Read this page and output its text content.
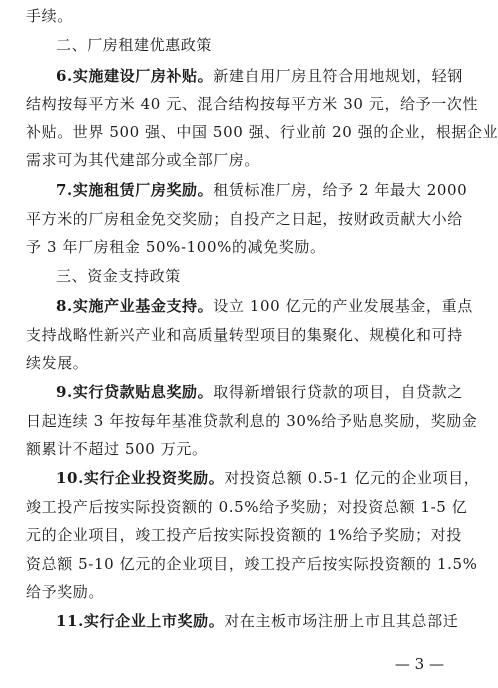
手续。
二、厂房租建优惠政策
6.实施建设厂房补贴。新建自用厂房且符合用地规划，轻钢
结构按每平方米 40 元、混合结构按每平方米 30 元，给予一次性
补贴。世界 500 强、中国 500 强、行业前 20 强的企业，根据企业
需求可为其代建部分或全部厂房。
7.实施租赁厂房奖励。租赁标准厂房，给予 2 年最大 2000
平方米的厂房租金免交奖励；自投产之日起，按财政贡献大小给
予 3 年厂房租金 50%-100%的减免奖励。
三、资金支持政策
8.实施产业基金支持。设立 100 亿元的产业发展基金，重点
支持战略性新兴产业和高质量转型项目的集聚化、规模化和可持
续发展。
9.实行贷款贴息奖励。取得新增银行贷款的项目，自贷款之
日起连续 3 年按每年基准贷款利息的 30%给予贴息奖励，奖励金
额累计不超过 500 万元。
10.实行企业投资奖励。对投资总额 0.5-1 亿元的企业项目，
竣工投产后按实际投资额的 0.5%给予奖励；对投资总额 1-5 亿
元的企业项目，竣工投产后按实际投资额的 1%给予奖励；对投
资总额 5-10 亿元的企业项目，竣工投产后按实际投资额的 1.5%
给予奖励。
11.实行企业上市奖励。对在主板市场注册上市且其总部迁
— 3 —
